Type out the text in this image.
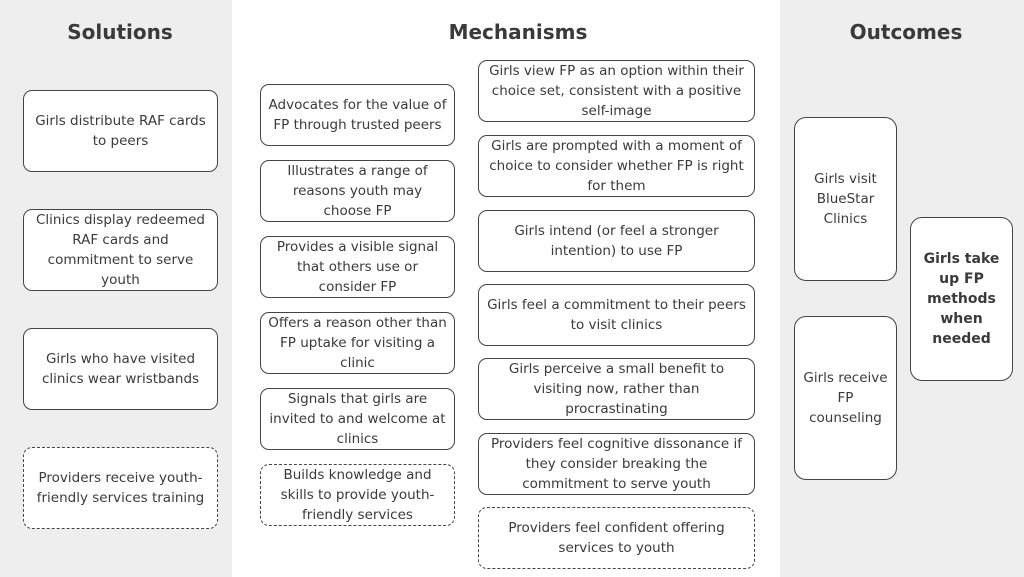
Solutions	Mechanisms	Outcomes
Girls distribute RAF cards to peers
Clinics display redeemed RAF cards and commitment to serve youth
Girls who have visited clinics wear wristbands
Providers receive youth-friendly services training
Advocates for the value of FP through trusted peers
Illustrates a range of reasons youth may choose FP
Provides a visible signal that others use or consider FP
Offers a reason other than FP uptake for visiting a clinic
Signals that girls are invited to and welcome at clinics
Builds knowledge and skills to provide youth-friendly services
Girls view FP as an option within their choice set, consistent with a positive self-image
Girls are prompted with a moment of choice to consider whether FP is right for them
Girls intend (or feel a stronger intention) to use FP
Girls feel a commitment to their peers to visit clinics
Girls perceive a small benefit to visiting now, rather than procrastinating
Providers feel cognitive dissonance if they consider breaking the commitment to serve youth
Providers feel confident offering services to youth
Girls visit BlueStar Clinics
Girls receive FP counseling
Girls take up FP methods when needed
